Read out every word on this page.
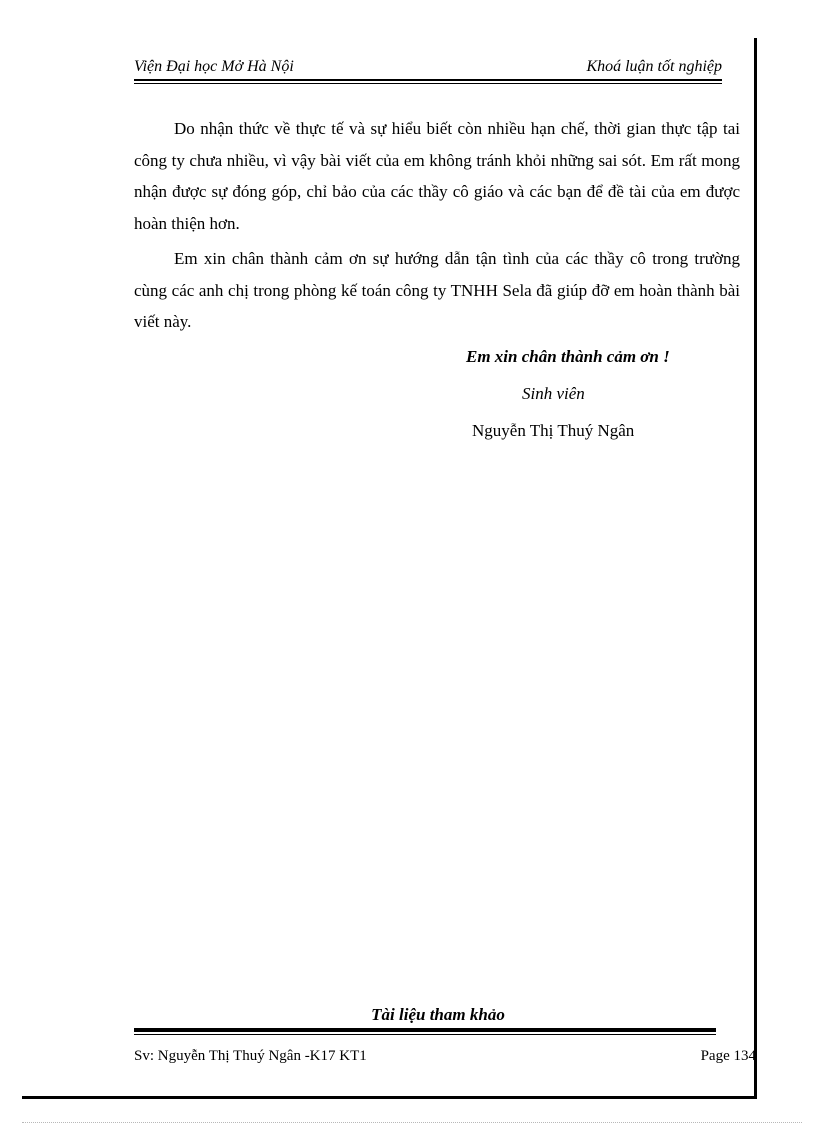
Viện Đại học Mở Hà Nội	Khoá luận tốt nghiệp

Do nhận thức về thực tế và sự hiểu biết còn nhiều hạn chế, thời gian thực tập tai công ty chưa nhiều, vì vậy bài viết của em không tránh khỏi những sai sót. Em rất mong nhận được sự đóng góp, chỉ bảo của các thầy cô giáo và các bạn để đề tài của em được hoàn thiện hơn.

Em xin chân thành cảm ơn sự hướng dẫn tận tình của các thầy cô trong trường cùng các anh chị trong phòng kế toán công ty TNHH Sela đã giúp đỡ em hoàn thành bài viết này.

Em xin chân thành cảm ơn !
Sinh viên
Nguyễn Thị Thuý Ngân
Tài liệu tham khảo
Sv: Nguyễn Thị Thuý Ngân -K17 KT1	Page 134
